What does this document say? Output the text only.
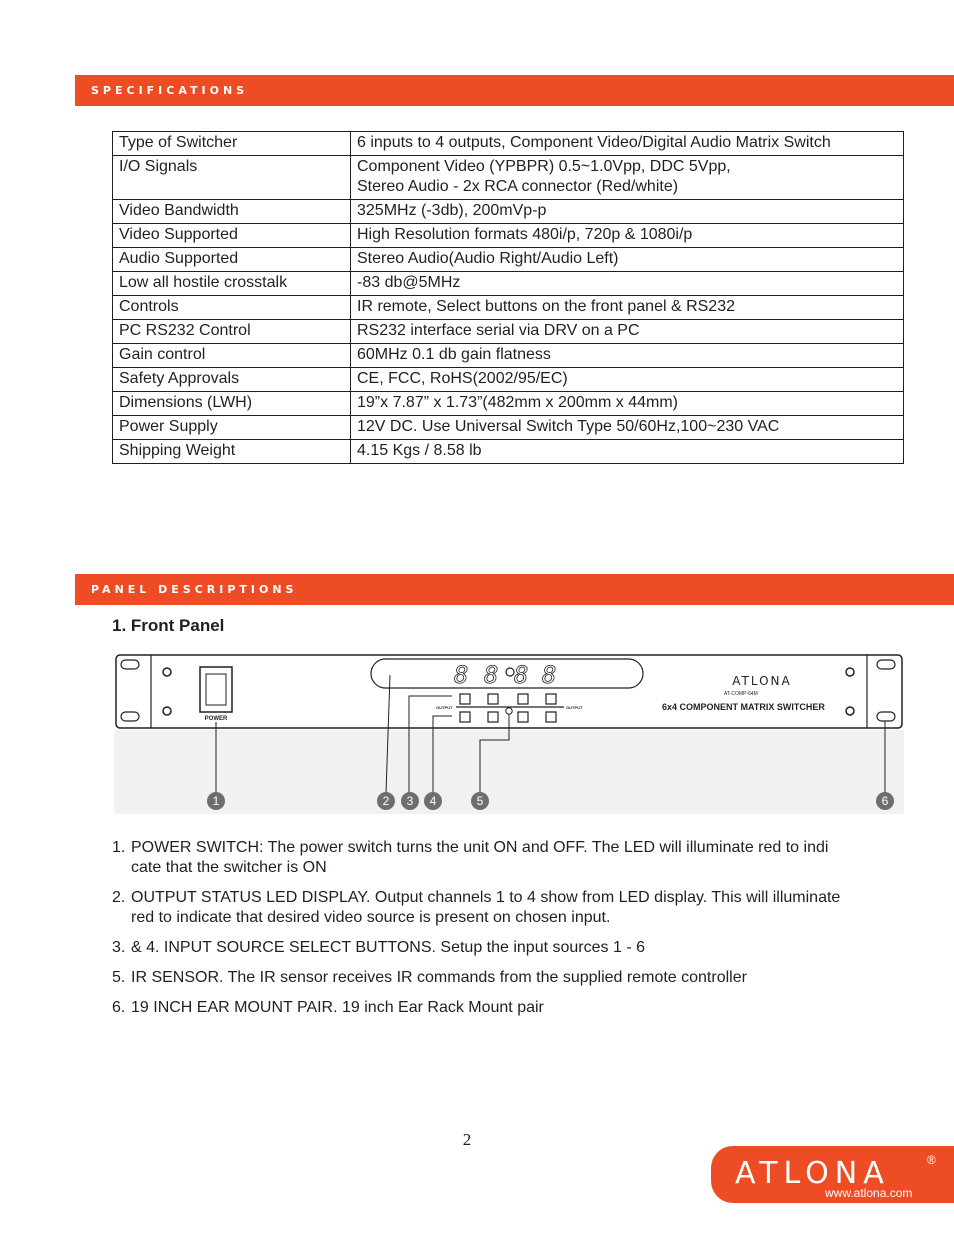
SPECIFICATIONS
Type of Switcher	6 inputs to 4 outputs, Component Video/Digital Audio Matrix Switch

I/O Signals	Component Video (YPBPR) 0.5~1.0Vpp, DDC 5Vpp,
Stereo Audio - 2x RCA connector (Red/white)

Video Bandwidth	325MHz (-3db), 200mVp-p

Video Supported	High Resolution formats 480i/p, 720p & 1080i/p

Audio Supported	Stereo Audio(Audio Right/Audio Left)

Low all hostile crosstalk	-83 db@5MHz

Controls	IR remote, Select buttons on the front panel & RS232

PC RS232 Control	RS232 interface serial via DRV on a PC

Gain control	60MHz 0.1 db gain flatness

Safety Approvals	CE, FCC, RoHS(2002/95/EC)

Dimensions (LWH)	19”x 7.87” x 1.73”(482mm x 200mm x 44mm)

Power Supply	12V DC. Use Universal Switch Type 50/60Hz,100~230 VAC

Shipping Weight	4.15 Kgs / 8.58 lb
PANEL DESCRIPTIONS
1. Front Panel
POWER
8 8 8 8
OUTPUT	OUTPUT
ATLONA
AT-COMP-64M
6x4 COMPONENT MATRIX SWITCHER
1	2 3 4	5	6
1. POWER SWITCH: The power switch turns the unit ON and OFF. The LED will illuminate red to indi
cate that the switcher is ON
2. OUTPUT STATUS LED DISPLAY. Output channels 1 to 4 show from LED display. This will illuminate
red to indicate that desired video source is present on chosen input.
3. & 4. INPUT SOURCE SELECT BUTTONS. Setup the input sources 1 - 6
5. IR SENSOR. The IR sensor receives IR commands from the supplied remote controller
6. 19 INCH EAR MOUNT PAIR. 19 inch Ear Rack Mount pair
2
ATLONA	®
www.atlona.com
